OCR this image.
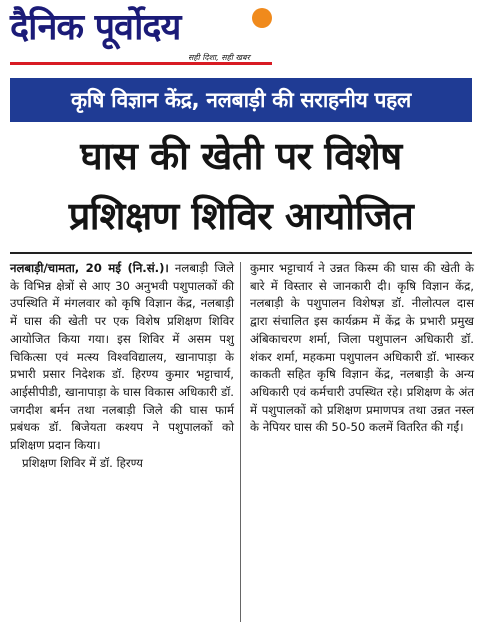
दैनिक पूर्वोदय
सही दिशा, सही खबर
कृषि विज्ञान केंद्र, नलबाड़ी की सराहनीय पहल
घास की खेती पर विशेष
प्रशिक्षण शिविर आयोजित
नलबाड़ी/चामता, 20 मई (नि.सं.)। नलबाड़ी जिले के विभिन्न क्षेत्रों से आए 30 अनुभवी पशुपालकों की उपस्थिति में मंगलवार को कृषि विज्ञान केंद्र, नलबाड़ी में घास की खेती पर एक विशेष प्रशिक्षण शिविर आयोजित किया गया। इस शिविर में असम पशु चिकित्सा एवं मत्स्य विश्वविद्यालय, खानापाड़ा के प्रभारी प्रसार निदेशक डॉ. हिरण्य कुमार भट्टाचार्य, आईसीपीडी, खानापाड़ा के घास विकास अधिकारी डॉ. जगदीश बर्मन तथा नलबाड़ी जिले की घास फार्म प्रबंधक डॉ. बिजेयता कश्यप ने पशुपालकों को प्रशिक्षण प्रदान किया।
प्रशिक्षण शिविर में डॉ. हिरण्य
कुमार भट्टाचार्य ने उन्नत किस्म की घास की खेती के बारे में विस्तार से जानकारी दी। कृषि विज्ञान केंद्र, नलबाड़ी के पशुपालन विशेषज्ञ डॉ. नीलोत्पल दास द्वारा संचालित इस कार्यक्रम में केंद्र के प्रभारी प्रमुख अंबिकाचरण शर्मा, जिला पशुपालन अधिकारी डॉ. शंकर शर्मा, महकमा पशुपालन अधिकारी डॉ. भास्कर काकती सहित कृषि विज्ञान केंद्र, नलबाड़ी के अन्य अधिकारी एवं कर्मचारी उपस्थित रहे। प्रशिक्षण के अंत में पशुपालकों को प्रशिक्षण प्रमाणपत्र तथा उन्नत नस्ल के नेपियर घास की 50-50 कलमें वितरित की गईं।
